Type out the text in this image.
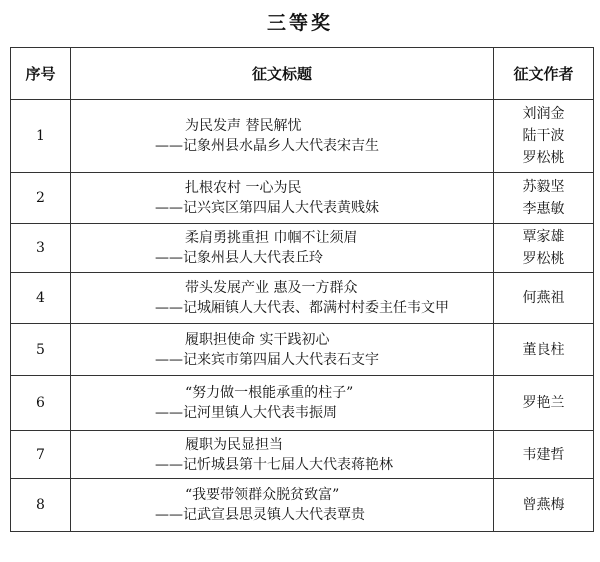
三等奖
序号	征文标题	征文作者
1	为民发声 替民解忧
——记象州县水晶乡人大代表宋吉生	刘润金
陆干波
罗松桃

2	扎根农村 一心为民
——记兴宾区第四届人大代表黄贱妹	苏毅坚
李惠敏

3	柔肩勇挑重担 巾帼不让须眉
——记象州县人大代表丘玲	覃家雄
罗松桃

4	带头发展产业 惠及一方群众
——记城厢镇人大代表、都满村村委主任韦文甲	何燕祖

5	履职担使命 实干践初心
——记来宾市第四届人大代表石支宇	董良柱

6	“努力做一根能承重的柱子”
——记河里镇人大代表韦振周	罗艳兰

7	履职为民显担当
——记忻城县第十七届人大代表蒋艳林	韦建哲

8	“我要带领群众脱贫致富”
——记武宣县思灵镇人大代表覃贵	曾燕梅
